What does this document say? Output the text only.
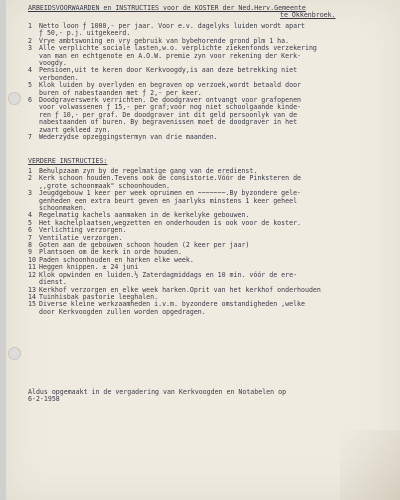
ARBEIDSVOORWAARDEN en INSTRUCTIES voor de KOSTER der Ned.Herv.Gemeente
te Okkenbroek.
1	Netto loon ƒ 1000,- per jaar. Voor e.v. dagelyks luiden wordt apart
ƒ 50,- p.j. uitgekeerd.
2	Vrye ambtswoning en vry gebruik van bybehorende grond plm 1 ha.
3	Alle verplichte sociale lasten,w.o. verplichte ziekenfonds verzekering
van man en echtgenote en A.O.W. premie zyn voor rekening der Kerk-
voogdy.
4	Pensioen,uit te keren door Kerkvoogdy,is aan deze betrekking niet
verbonden.
5	Klok luiden by overlyden en begraven op verzoek,wordt betaald door
buren of nabestaanden met ƒ 2,- per keer.
6	Doodgraverswerk verrichten. De doodgraver ontvangt voor grafopenen
voor volwassenen ƒ 15,- per graf;voor nog niet schoolgaande kinde-
ren ƒ 10,- per graf. De doodgraver int dit geld persoonlyk van de
nabestaanden of buren. By begravenissen moet de doodgraver in het
zwart gekleed zyn.
7	Wederzydse opzeggingstermyn van drie maanden.
VERDERE INSTRUCTIES:
1	Behulpzaam zyn by de regelmatige gang van de eredienst.
2	Kerk schoon houden.Tevens ook de consistorie.Vóór de Pinksteren de
,,grote schoonmaak" schoonhouden.
3	Jeugdgebouw 1 keer per week opruimen en ~~~~~~~.By byzondere gele-
genheden een extra beurt geven en jaarlyks minstens 1 keer geheel
schoonmaken.
4	Regelmatig kachels aanmaken in de kerkelyke gebouwen.
5	Het kachelplaatsen,wegzetten en onderhouden is ook voor de koster.
6	Verlichting verzorgen.
7	Ventilatie verzorgen.
8	Goten aan de gebouwen schoon houden (2 keer per jaar)
9	Plantsoen om de kerk in orde houden.
10 Paden schoonhouden en harken elke week.
11 Heggen knippen. ± 24 juni
12 Klok opwinden en luiden.½ Zaterdagmiddags en 10 min. vóór de ere-
dienst.
13 Kerkhof verzorgen en elke week harken.Oprit van het kerkhof onderhouden
14 Tuinhisbak pastorie leeghalen.
15 Diverse kleine werkzaamheden i.v.m. byzondere omstandigheden ,welke
door Kerkvoogden zullen worden opgedragen.
Aldus opgemaakt in de vergadering van Kerkvoogden en Notabelen op
6-2-1958
